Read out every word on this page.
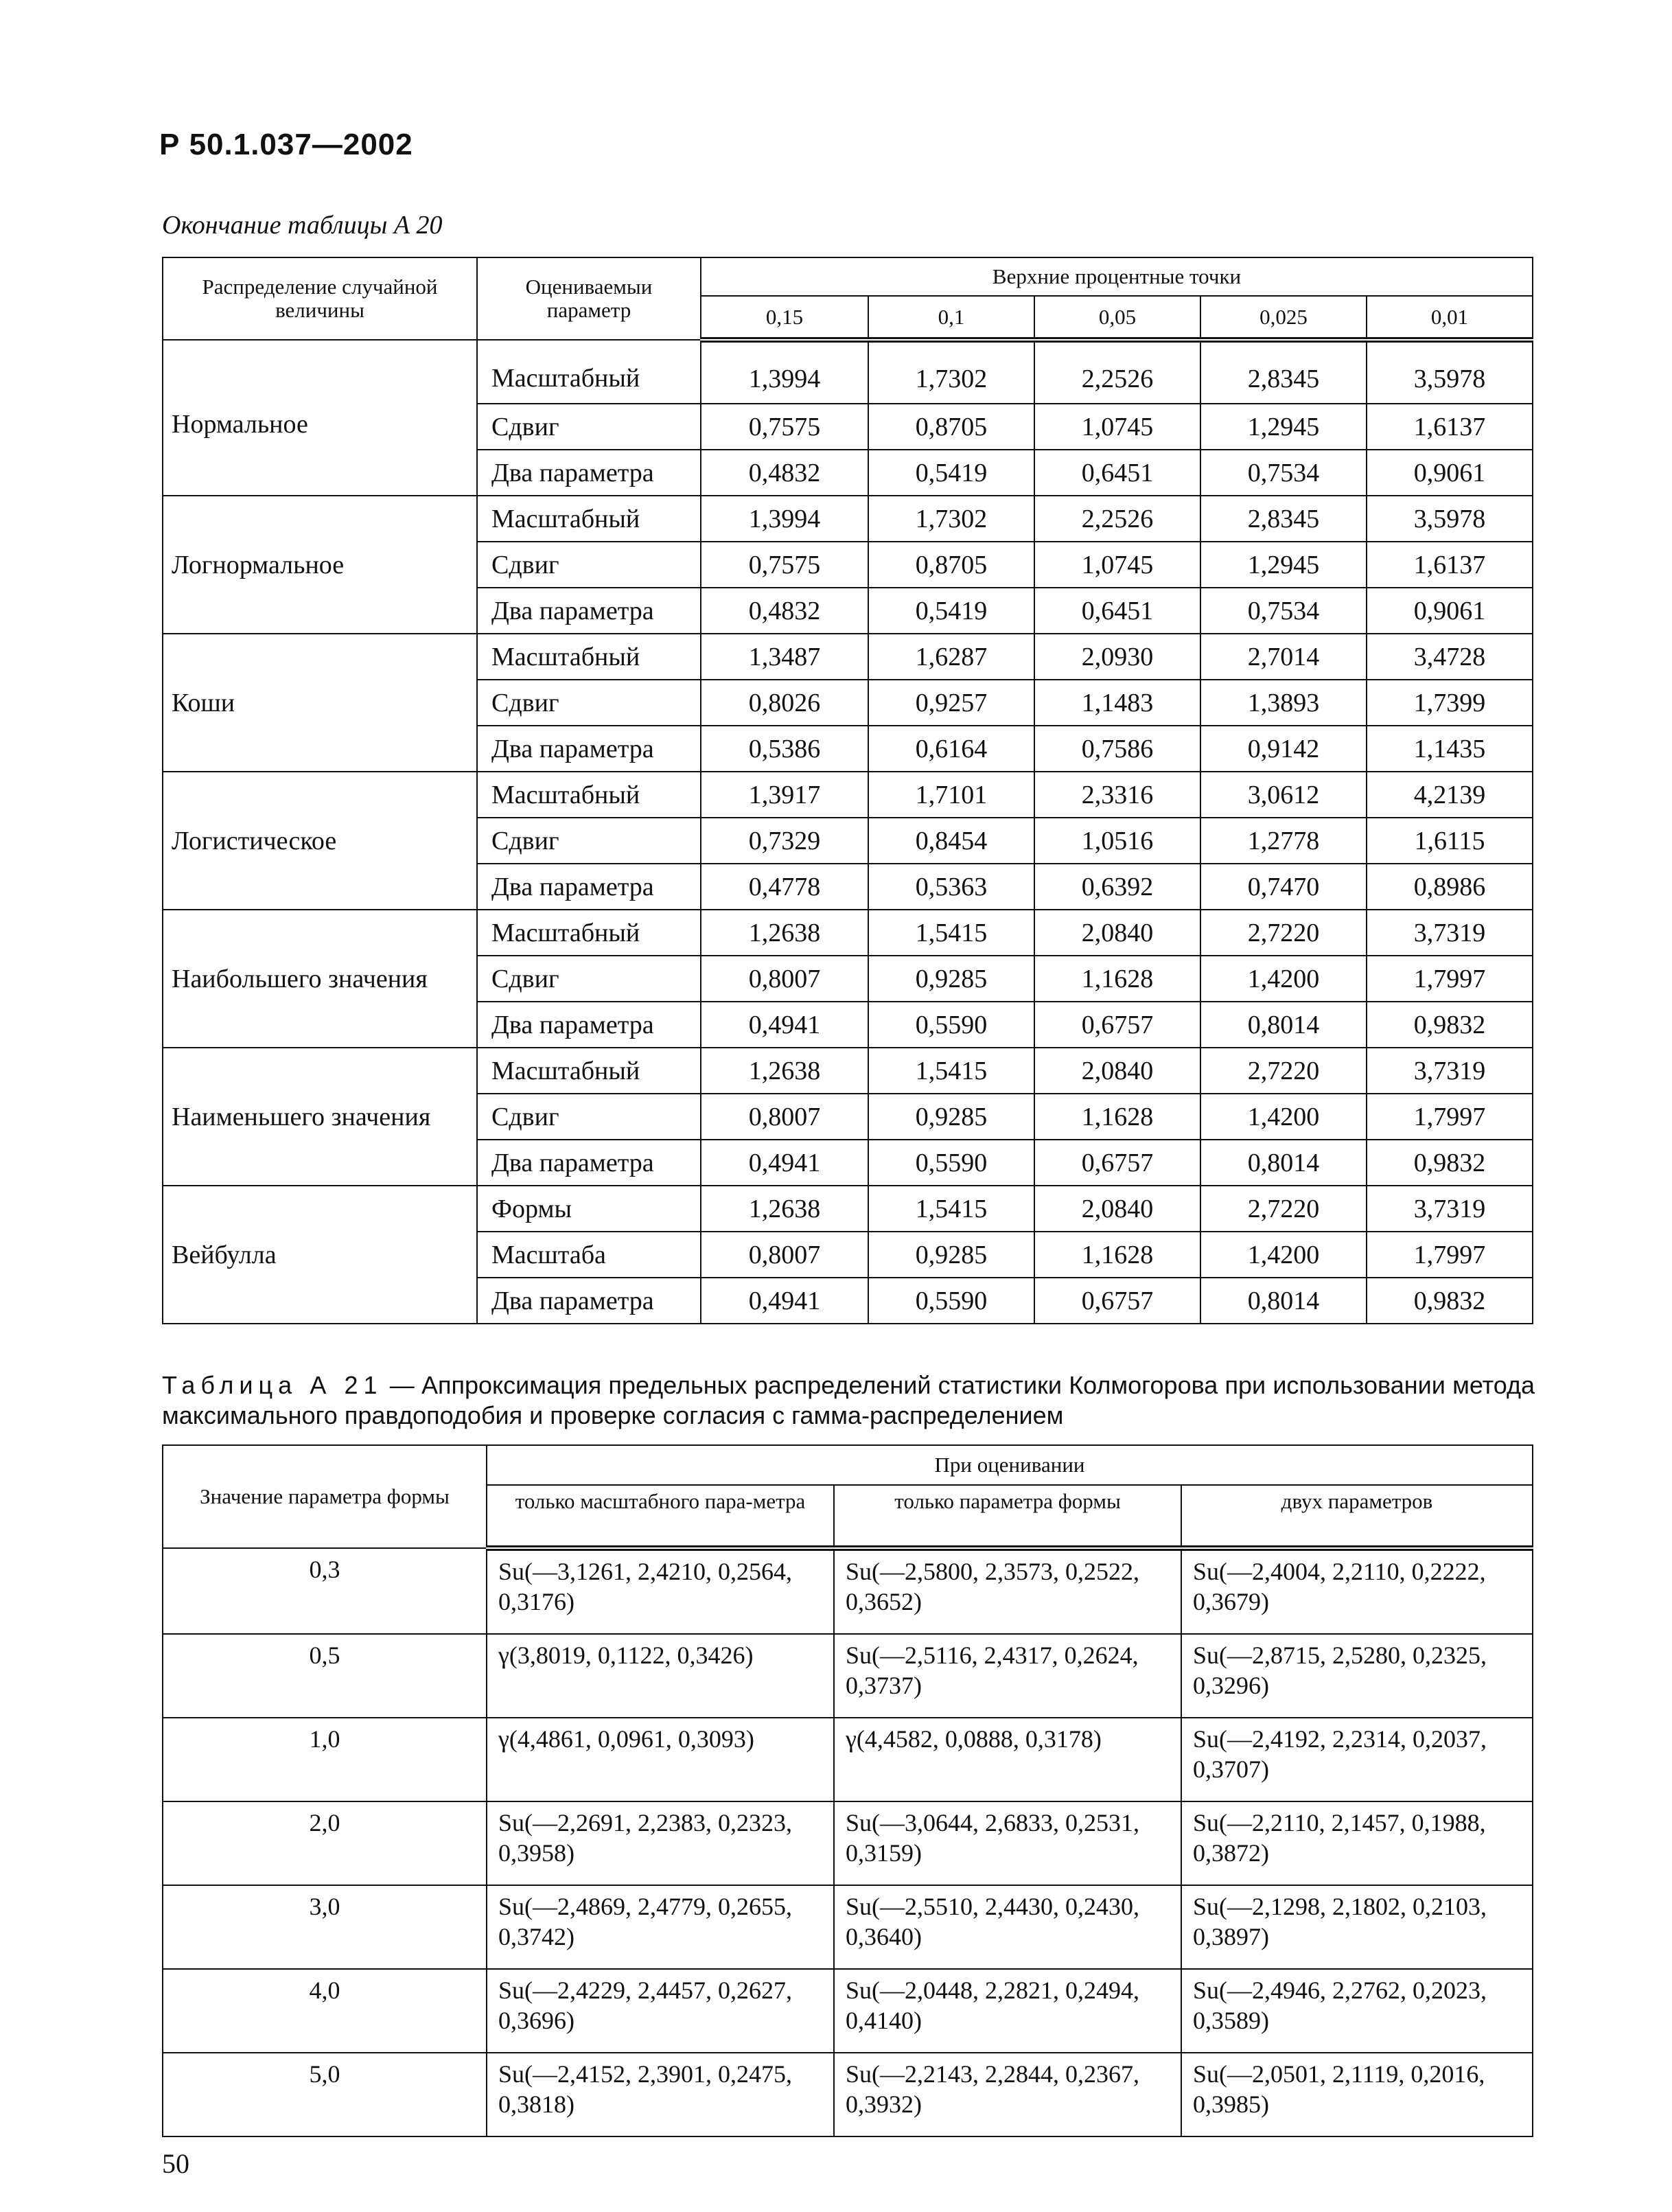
Р 50.1.037—2002
Окончание таблицы А 20
Распределение случайной величины	Оцениваемыи параметр	Верхние процентные точки				
		0,15	0,1	0,05	0,025	0,01
Нормальное	Масштабный	1,3994	1,7302	2,2526	2,8345	3,5978
	Сдвиг	0,7575	0,8705	1,0745	1,2945	1,6137
	Два параметра	0,4832	0,5419	0,6451	0,7534	0,9061
Логнормальное	Масштабный	1,3994	1,7302	2,2526	2,8345	3,5978
	Сдвиг	0,7575	0,8705	1,0745	1,2945	1,6137
	Два параметра	0,4832	0,5419	0,6451	0,7534	0,9061
Коши	Масштабный	1,3487	1,6287	2,0930	2,7014	3,4728
	Сдвиг	0,8026	0,9257	1,1483	1,3893	1,7399
	Два параметра	0,5386	0,6164	0,7586	0,9142	1,1435
Логистическое	Масштабный	1,3917	1,7101	2,3316	3,0612	4,2139
	Сдвиг	0,7329	0,8454	1,0516	1,2778	1,6115
	Два параметра	0,4778	0,5363	0,6392	0,7470	0,8986
Наибольшего значения	Масштабный	1,2638	1,5415	2,0840	2,7220	3,7319
	Сдвиг	0,8007	0,9285	1,1628	1,4200	1,7997
	Два параметра	0,4941	0,5590	0,6757	0,8014	0,9832
Наименьшего значения	Масштабный	1,2638	1,5415	2,0840	2,7220	3,7319
	Сдвиг	0,8007	0,9285	1,1628	1,4200	1,7997
	Два параметра	0,4941	0,5590	0,6757	0,8014	0,9832
Вейбулла	Формы	1,2638	1,5415	2,0840	2,7220	3,7319
	Масштаба	0,8007	0,9285	1,1628	1,4200	1,7997
	Два параметра	0,4941	0,5590	0,6757	0,8014	0,9832
Таблица А 21 — Аппроксимация предельных распределений статистики Колмогорова при использовании метода максимального правдоподобия и проверке согласия с гамма-распределением
Значение параметра формы	При оценивании		
	только масштабного пара-метра	только параметра формы	двух параметров
0,3	Su(—3,1261, 2,4210, 0,2564, 0,3176)	Su(—2,5800, 2,3573, 0,2522, 0,3652)	Su(—2,4004, 2,2110, 0,2222, 0,3679)
0,5	γ(3,8019, 0,1122, 0,3426)	Su(—2,5116, 2,4317, 0,2624, 0,3737)	Su(—2,8715, 2,5280, 0,2325, 0,3296)
1,0	γ(4,4861, 0,0961, 0,3093)	γ(4,4582, 0,0888, 0,3178)	Su(—2,4192, 2,2314, 0,2037, 0,3707)
2,0	Su(—2,2691, 2,2383, 0,2323, 0,3958)	Su(—3,0644, 2,6833, 0,2531, 0,3159)	Su(—2,2110, 2,1457, 0,1988, 0,3872)
3,0	Su(—2,4869, 2,4779, 0,2655, 0,3742)	Su(—2,5510, 2,4430, 0,2430, 0,3640)	Su(—2,1298, 2,1802, 0,2103, 0,3897)
4,0	Su(—2,4229, 2,4457, 0,2627, 0,3696)	Su(—2,0448, 2,2821, 0,2494, 0,4140)	Su(—2,4946, 2,2762, 0,2023, 0,3589)
5,0	Su(—2,4152, 2,3901, 0,2475, 0,3818)	Su(—2,2143, 2,2844, 0,2367, 0,3932)	Su(—2,0501, 2,1119, 0,2016, 0,3985)
50
